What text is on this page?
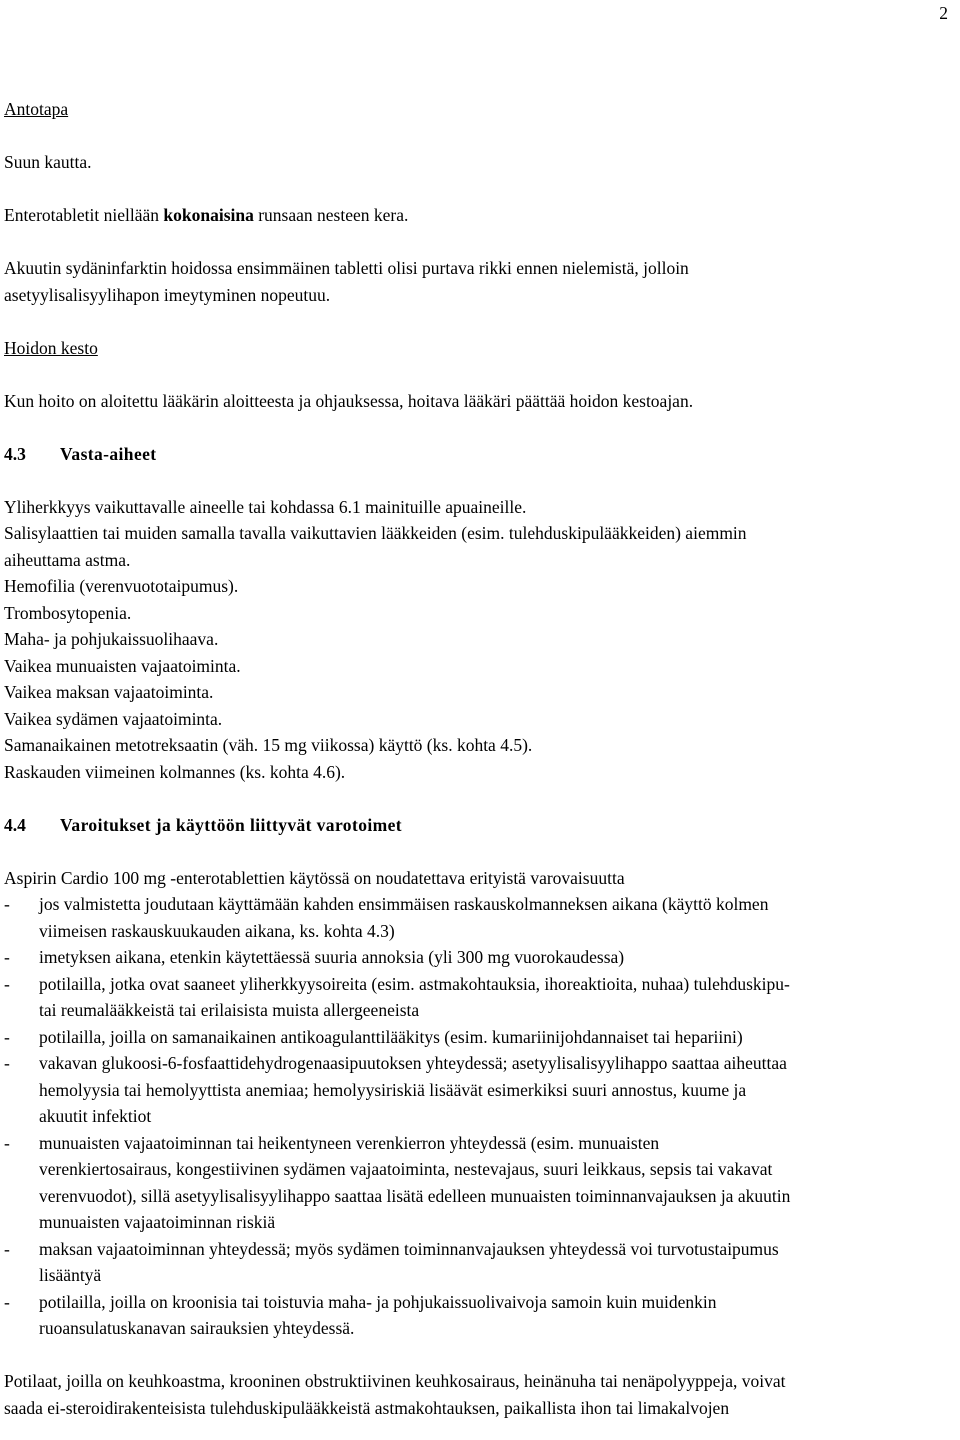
2

Antotapa

Suun kautta.

Enterotabletit niellään kokonaisina runsaan nesteen kera.

Akuutin sydäninfarktin hoidossa ensimmäinen tabletti olisi purtava rikki ennen nielemistä, jolloin

asetyylisalisyylihapon imeytyminen nopeutuu.

Hoidon kesto

Kun hoito on aloitettu lääkärin aloitteesta ja ohjauksessa, hoitava lääkäri päättää hoidon kestoajan.

4.3	Vasta-aiheet

Yliherkkyys vaikuttavalle aineelle tai kohdassa 6.1 mainituille apuaineille.

Salisylaattien tai muiden samalla tavalla vaikuttavien lääkkeiden (esim. tulehduskipulääkkeiden) aiemmin

aiheuttama astma.

Hemofilia (verenvuototaipumus).

Trombosytopenia.

Maha- ja pohjukaissuolihaava.

Vaikea munuaisten vajaatoiminta.

Vaikea maksan vajaatoiminta.

Vaikea sydämen vajaatoiminta.

Samanaikainen metotreksaatin (väh. 15 mg viikossa) käyttö (ks. kohta 4.5).

Raskauden viimeinen kolmannes (ks. kohta 4.6).

4.4	Varoitukset ja käyttöön liittyvät varotoimet

Aspirin Cardio 100 mg -enterotablettien käytössä on noudatettava erityistä varovaisuutta

-	jos valmistetta joudutaan käyttämään kahden ensimmäisen raskauskolmanneksen aikana (käyttö kolmen
viimeisen raskauskuukauden aikana, ks. kohta 4.3)
-	imetyksen aikana, etenkin käytettäessä suuria annoksia (yli 300 mg vuorokaudessa)
-	potilailla, jotka ovat saaneet yliherkkyysoireita (esim. astmakohtauksia, ihoreaktioita, nuhaa) tulehduskipu-
tai reumalääkkeistä tai erilaisista muista allergeeneista
-	potilailla, joilla on samanaikainen antikoagulanttilääkitys (esim. kumariinijohdannaiset tai hepariini)
-	vakavan glukoosi-6-fosfaattidehydrogenaasipuutoksen yhteydessä; asetyylisalisyylihappo saattaa aiheuttaa
hemolyysia tai hemolyyttista anemiaa; hemolyysiriskiä lisäävät esimerkiksi suuri annostus, kuume ja
akuutit infektiot
-	munuaisten vajaatoiminnan tai heikentyneen verenkierron yhteydessä (esim. munuaisten
verenkiertosairaus, kongestiivinen sydämen vajaatoiminta, nestevajaus, suuri leikkaus, sepsis tai vakavat
verenvuodot), sillä asetyylisalisyylihappo saattaa lisätä edelleen munuaisten toiminnanvajauksen ja akuutin
munuaisten vajaatoiminnan riskiä
-	maksan vajaatoiminnan yhteydessä; myös sydämen toiminnanvajauksen yhteydessä voi turvotustaipumus
lisääntyä
-	potilailla, joilla on kroonisia tai toistuvia maha- ja pohjukaissuolivaivoja samoin kuin muidenkin
ruoansulatuskanavan sairauksien yhteydessä.

Potilaat, joilla on keuhkoastma, krooninen obstruktiivinen keuhkosairaus, heinänuha tai nenäpolyyppeja, voivat

saada ei-steroidirakenteisista tulehduskipulääkkeistä astmakohtauksen, paikallista ihon tai limakalvojen
